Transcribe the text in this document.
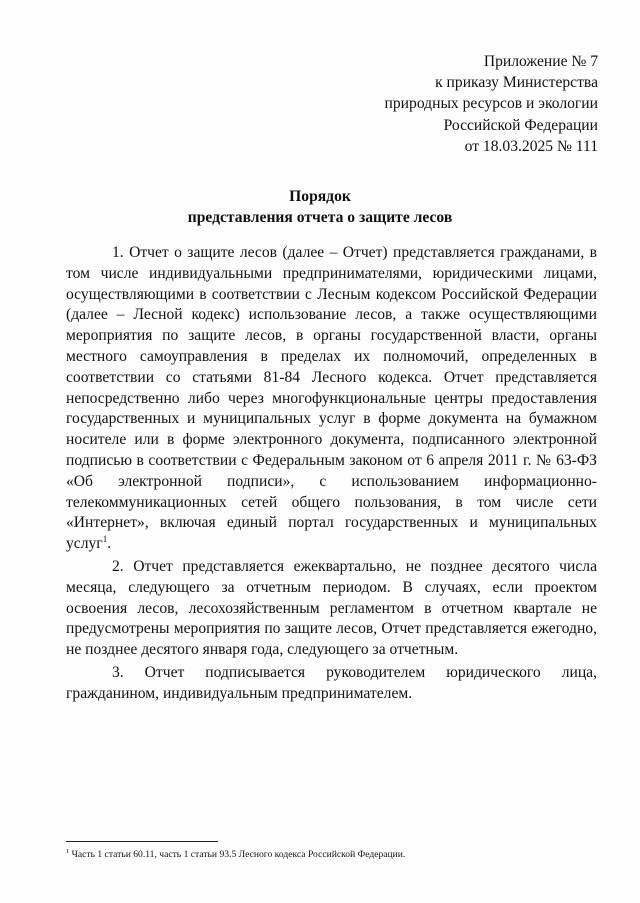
Приложение № 7
к приказу Министерства
природных ресурсов и экологии
Российской Федерации
от 18.03.2025 № 111
Порядок
представления отчета о защите лесов

1. Отчет о защите лесов (далее – Отчет) представляется гражданами, в том числе индивидуальными предпринимателями, юридическими лицами, осуществляющими в соответствии с Лесным кодексом Российской Федерации (далее – Лесной кодекс) использование лесов, а также осуществляющими мероприятия по защите лесов, в органы государственной власти, органы местного самоуправления в пределах их полномочий, определенных в соответствии со статьями 81-84 Лесного кодекса. Отчет представляется непосредственно либо через многофункциональные центры предоставления государственных и муниципальных услуг в форме документа на бумажном носителе или в форме электронного документа, подписанного электронной подписью в соответствии с Федеральным законом от 6 апреля 2011 г. № 63-ФЗ «Об электронной подписи», с использованием информационно-телекоммуникационных сетей общего пользования, в том числе сети «Интернет», включая единый портал государственных и муниципальных услуг$^1$.

2. Отчет представляется ежеквартально, не позднее десятого числа месяца, следующего за отчетным периодом. В случаях, если проектом освоения лесов, лесохозяйственным регламентом в отчетном квартале не предусмотрены мероприятия по защите лесов, Отчет представляется ежегодно, не позднее десятого января года, следующего за отчетным.

3. Отчет подписывается руководителем юридического лица, гражданином, индивидуальным предпринимателем.

$^1$ Часть 1 статьи 60.11, часть 1 статьи 93.5 Лесного кодекса Российской Федерации.
